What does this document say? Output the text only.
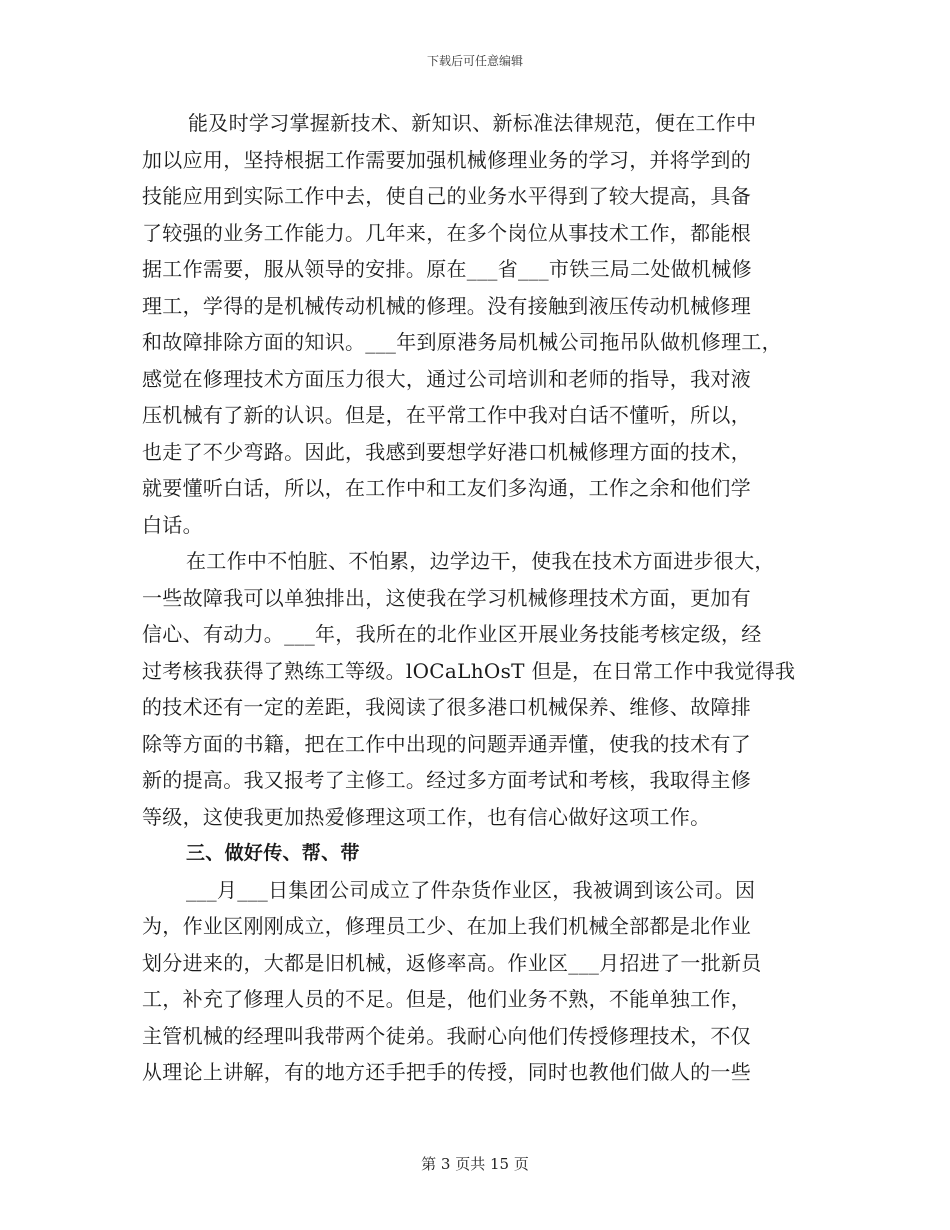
下载后可任意编辑
能及时学习掌握新技术、新知识、新标准法律规范，便在工作中
加以应用，坚持根据工作需要加强机械修理业务的学习，并将学到的
技能应用到实际工作中去，使自己的业务水平得到了较大提高，具备
了较强的业务工作能力。几年来，在多个岗位从事技术工作，都能根
据工作需要，服从领导的安排。原在___省___市铁三局二处做机械修
理工，学得的是机械传动机械的修理。没有接触到液压传动机械修理
和故障排除方面的知识。___年到原港务局机械公司拖吊队做机修理工，
感觉在修理技术方面压力很大，通过公司培训和老师的指导，我对液
压机械有了新的认识。但是，在平常工作中我对白话不懂听，所以，
也走了不少弯路。因此，我感到要想学好港口机械修理方面的技术，
就要懂听白话，所以，在工作中和工友们多沟通，工作之余和他们学
白话。
在工作中不怕脏、不怕累，边学边干，使我在技术方面进步很大，
一些故障我可以单独排出，这使我在学习机械修理技术方面，更加有
信心、有动力。___年，我所在的北作业区开展业务技能考核定级，经
过考核我获得了熟练工等级。lOCaLhOsT 但是，在日常工作中我觉得我
的技术还有一定的差距，我阅读了很多港口机械保养、维修、故障排
除等方面的书籍，把在工作中出现的问题弄通弄懂，使我的技术有了
新的提高。我又报考了主修工。经过多方面考试和考核，我取得主修
等级，这使我更加热爱修理这项工作，也有信心做好这项工作。
三、做好传、帮、带
___月___日集团公司成立了件杂货作业区，我被调到该公司。因
为，作业区刚刚成立，修理员工少、在加上我们机械全部都是北作业
划分进来的，大都是旧机械，返修率高。作业区___月招进了一批新员
工，补充了修理人员的不足。但是，他们业务不熟，不能单独工作，
主管机械的经理叫我带两个徒弟。我耐心向他们传授修理技术，不仅
从理论上讲解，有的地方还手把手的传授，同时也教他们做人的一些
第 3 页共 15 页
